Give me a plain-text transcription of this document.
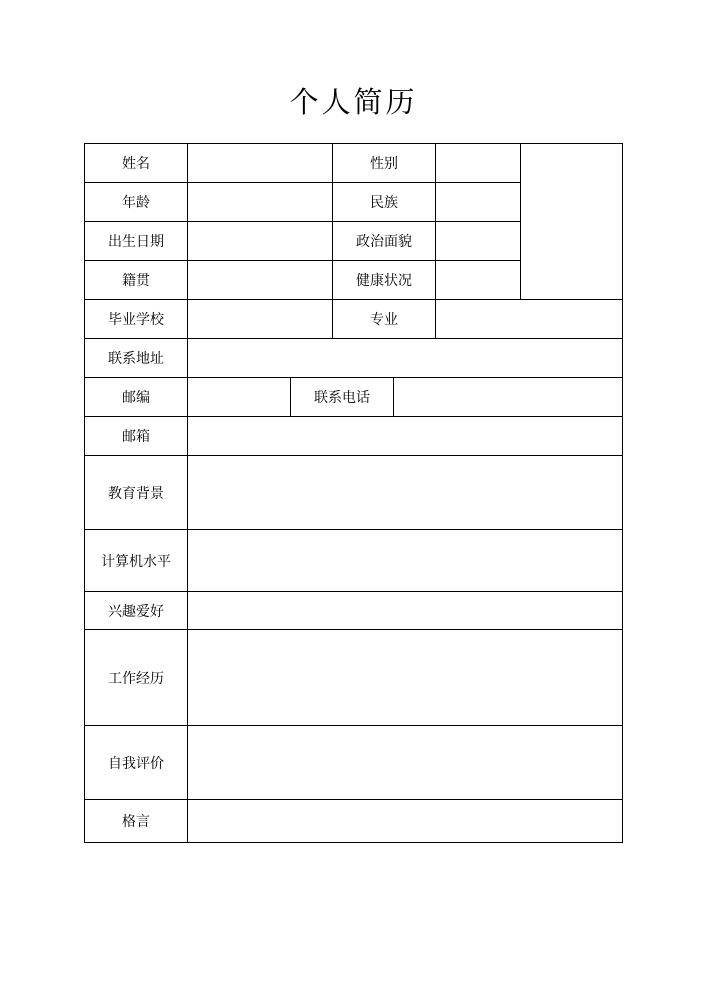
个人简历
姓名			性别			
年龄			民族			
出生日期			政治面貌			
籍贯			健康状况			
毕业学校			专业			
联系地址						
邮编		联系电话				
邮箱						
教育背景						
计算机水平						
兴趣爱好						
工作经历						
自我评价						
格言						
